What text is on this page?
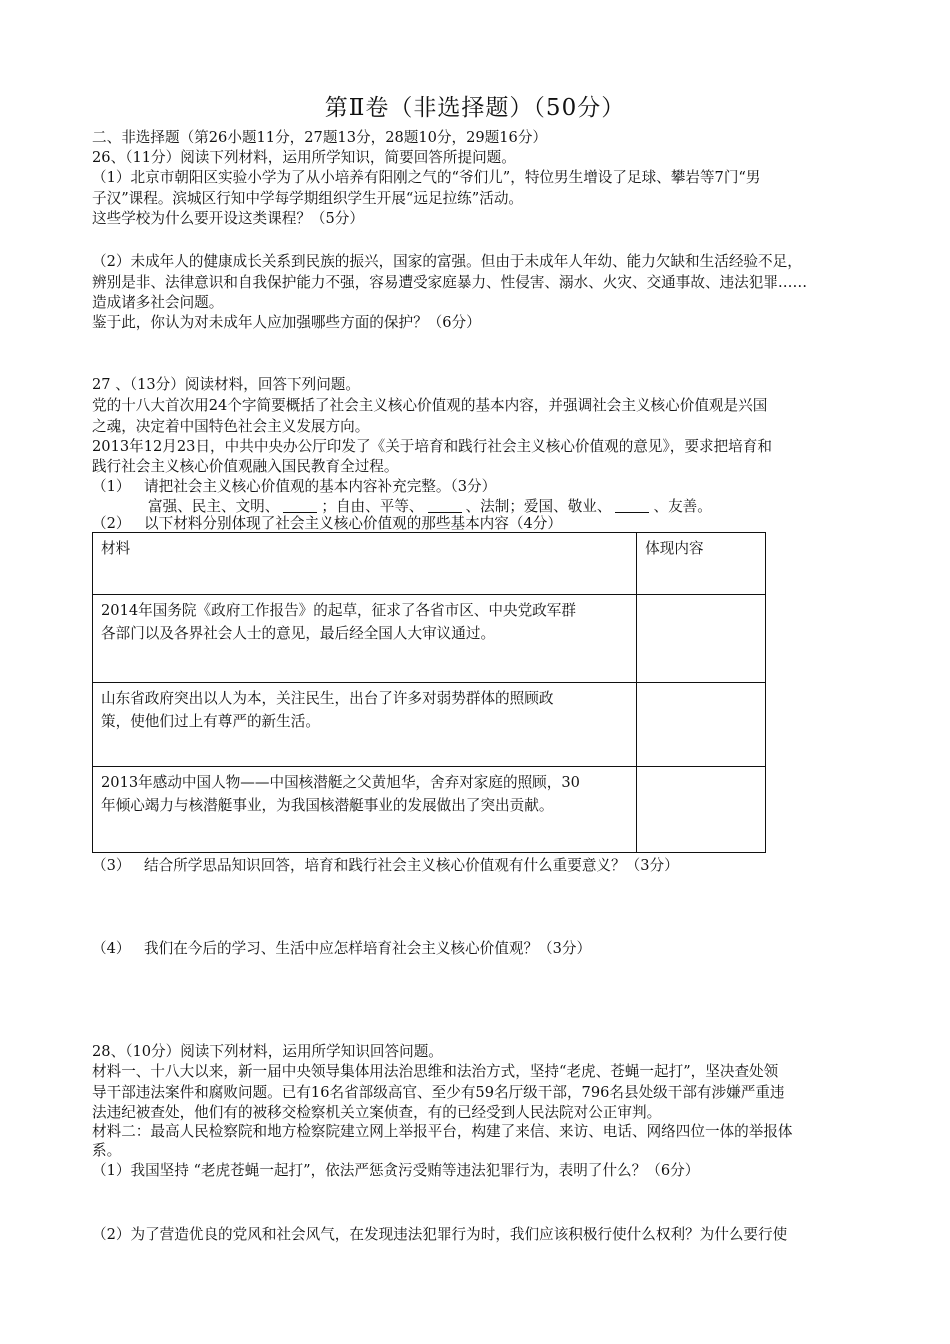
第Ⅱ卷（非选择题）（50分）
二、非选择题（第26小题11分，27题13分，28题10分，29题16分）
26、（11分）阅读下列材料，运用所学知识，简要回答所提问题。
（1）北京市朝阳区实验小学为了从小培养有阳刚之气的“爷们儿”，特位男生增设了足球、攀岩等7门“男
子汉”课程。滨城区行知中学每学期组织学生开展“远足拉练”活动。
这些学校为什么要开设这类课程？（5分）
（2）未成年人的健康成长关系到民族的振兴，国家的富强。但由于未成年人年幼、能力欠缺和生活经验不足，
辨别是非、法律意识和自我保护能力不强，容易遭受家庭暴力、性侵害、溺水、火灾、交通事故、违法犯罪……
造成诸多社会问题。
鉴于此，你认为对未成年人应加强哪些方面的保护？（6分）
27 、（13分）阅读材料，回答下列问题。
党的十八大首次用24个字简要概括了社会主义核心价值观的基本内容，并强调社会主义核心价值观是兴国
之魂，决定着中国特色社会主义发展方向。
2013年12月23日，中共中央办公厅印发了《关于培育和践行社会主义核心价值观的意见》，要求把培育和
践行社会主义核心价值观融入国民教育全过程。
（1） 请把社会主义核心价值观的基本内容补充完整。（3分）
富强、民主、文明、	；自由、平等、	、法制；爱国、敬业、	、友善。
（2） 以下材料分别体现了社会主义核心价值观的那些基本内容（4分）
材料	体现内容

2014年国务院《政府工作报告》的起草，征求了各省市区、中央党政军群
各部门以及各界社会人士的意见，最后经全国人大审议通过。	

山东省政府突出以人为本，关注民生，出台了许多对弱势群体的照顾政
策，使他们过上有尊严的新生活。	

2013年感动中国人物——中国核潜艇之父黄旭华，舍弃对家庭的照顾，30
年倾心竭力与核潜艇事业，为我国核潜艇事业的发展做出了突出贡献。	

（3） 结合所学思品知识回答，培育和践行社会主义核心价值观有什么重要意义？（3分）
（4） 我们在今后的学习、生活中应怎样培育社会主义核心价值观？（3分）
28、（10分）阅读下列材料，运用所学知识回答问题。
材料一、十八大以来，新一届中央领导集体用法治思维和法治方式，坚持“老虎、苍蝇一起打”，坚决查处领
导干部违法案件和腐败问题。已有16名省部级高官、至少有59名厅级干部，796名县处级干部有涉嫌严重违
法违纪被查处，他们有的被移交检察机关立案侦查，有的已经受到人民法院对公正审判。
材料二：最高人民检察院和地方检察院建立网上举报平台，构建了来信、来访、电话、网络四位一体的举报体
系。
（1）我国坚持 “老虎苍蝇一起打”，依法严惩贪污受贿等违法犯罪行为，表明了什么？（6分）
（2）为了营造优良的党风和社会风气，在发现违法犯罪行为时，我们应该积极行使什么权利？为什么要行使
